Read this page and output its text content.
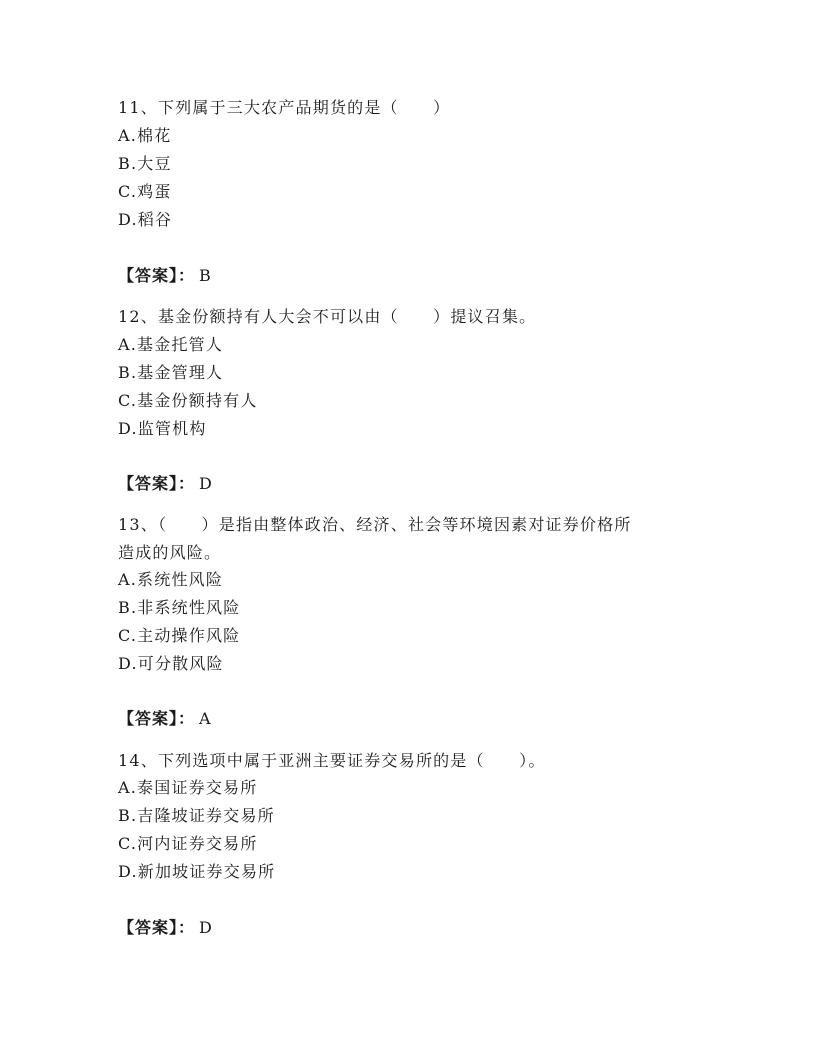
11、下列属于三大农产品期货的是（　　）
A.棉花
B.大豆
C.鸡蛋
D.稻谷
【答案】： B
12、基金份额持有人大会不可以由（　　）提议召集。
A.基金托管人
B.基金管理人
C.基金份额持有人
D.监管机构
【答案】： D
13、（　　）是指由整体政治、经济、社会等环境因素对证券价格所
造成的风险。
A.系统性风险
B.非系统性风险
C.主动操作风险
D.可分散风险
【答案】： A
14、下列选项中属于亚洲主要证券交易所的是（　　）。
A.泰国证券交易所
B.吉隆坡证券交易所
C.河内证券交易所
D.新加坡证券交易所
【答案】： D
